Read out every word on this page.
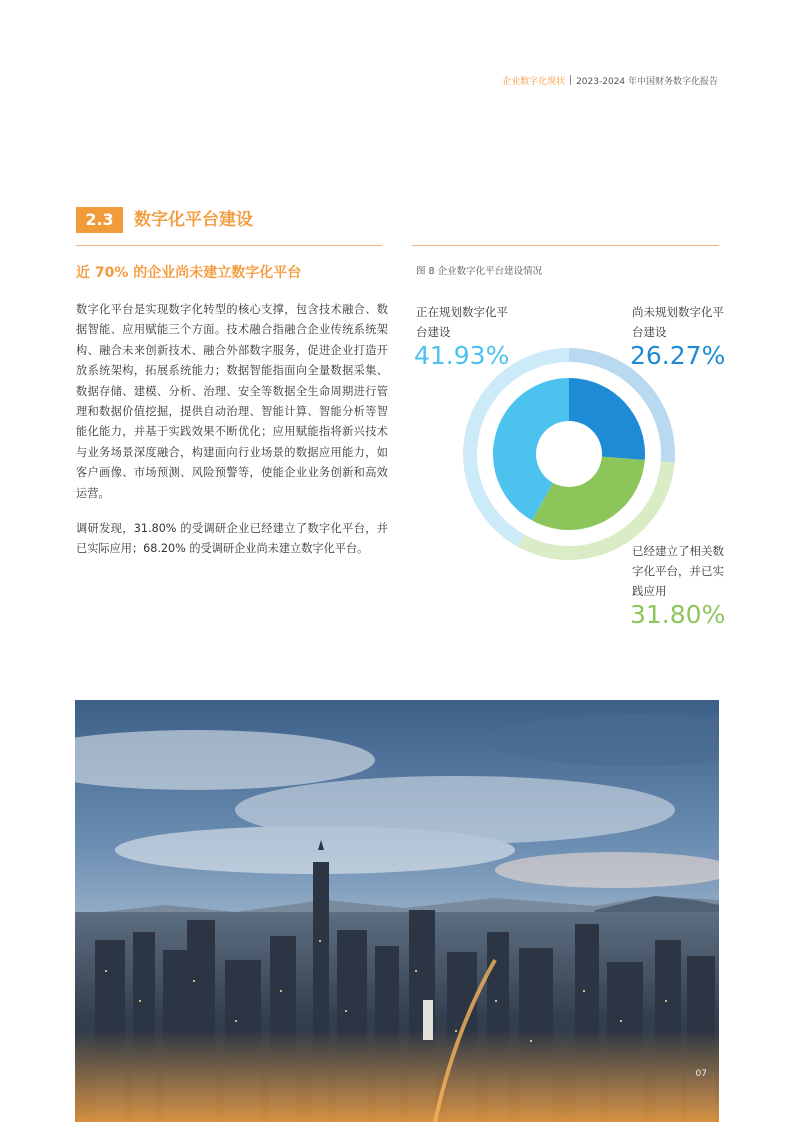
企业数字化现状 2023-2024 年中国财务数字化报告
2.3	数字化平台建设
近 70% 的企业尚未建立数字化平台

数字化平台是实现数字化转型的核心支撑，包含技术融合、数据智能、应用赋能三个方面。技术融合指融合企业传统系统架构、融合未来创新技术、融合外部数字服务，促进企业打造开放系统架构，拓展系统能力；数据智能指面向全量数据采集、数据存储、建模、分析、治理、安全等数据全生命周期进行管理和数据价值挖掘，提供自动治理、智能计算、智能分析等智能化能力，并基于实践效果不断优化；应用赋能指将新兴技术与业务场景深度融合，构建面向行业场景的数据应用能力，如客户画像、市场预测、风险预警等，使能企业业务创新和高效运营。

调研发现，31.80% 的受调研企业已经建立了数字化平台，并已实际应用；68.20% 的受调研企业尚未建立数字化平台。

图 8 企业数字化平台建设情况
正在规划数字化平台建设
41.93%
尚未规划数字化平台建设
26.27%
已经建立了相关数字化平台，并已实践应用
31.80%
07
